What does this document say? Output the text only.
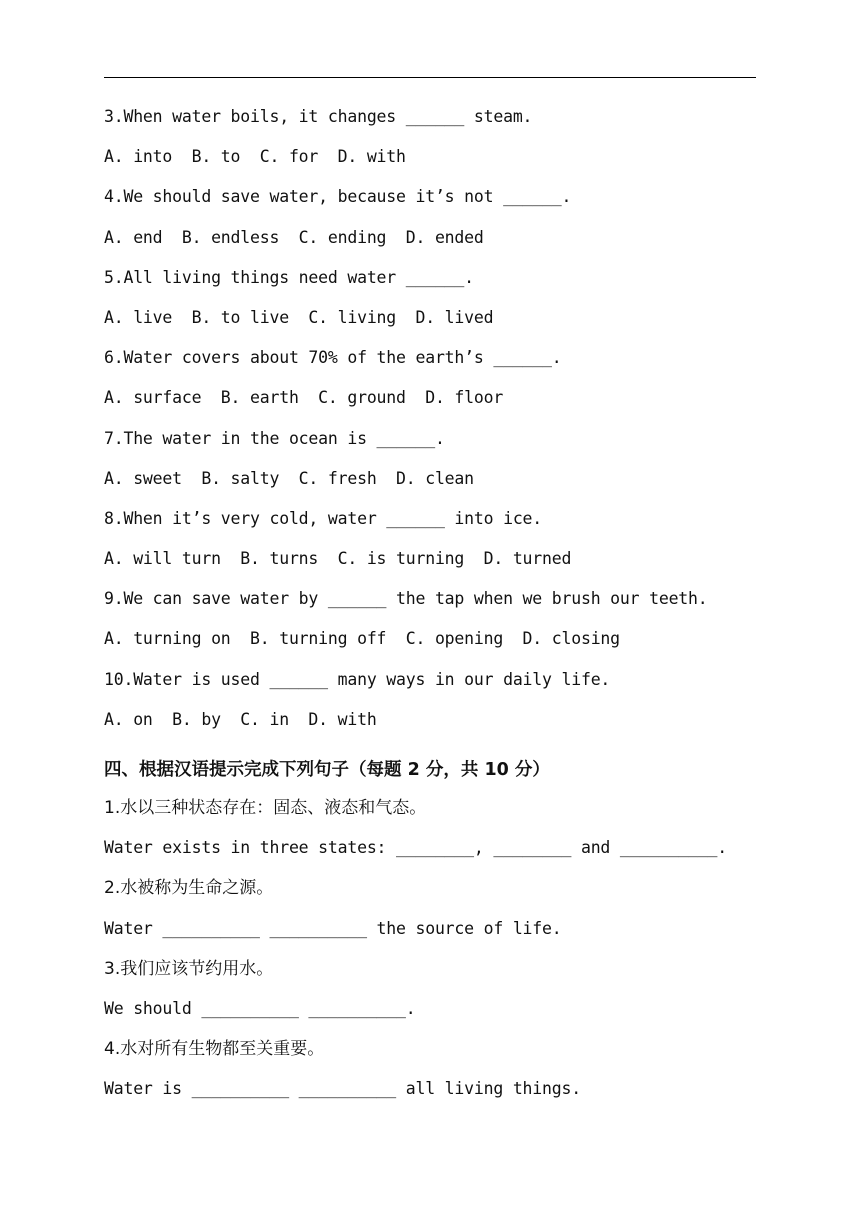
3.When water boils, it changes ______ steam.
A. into  B. to  C. for  D. with
4.We should save water, because it’s not ______.
A. end  B. endless  C. ending  D. ended
5.All living things need water ______.
A. live  B. to live  C. living  D. lived
6.Water covers about 70% of the earth’s ______.
A. surface  B. earth  C. ground  D. floor
7.The water in the ocean is ______.
A. sweet  B. salty  C. fresh  D. clean
8.When it’s very cold, water ______ into ice.
A. will turn  B. turns  C. is turning  D. turned
9.We can save water by ______ the tap when we brush our teeth.
A. turning on  B. turning off  C. opening  D. closing
10.Water is used ______ many ways in our daily life.
A. on  B. by  C. in  D. with
四、根据汉语提示完成下列句子（每题 2 分，共 10 分）
1.水以三种状态存在：固态、液态和气态。
Water exists in three states: ________, ________ and __________.
2.水被称为生命之源。
Water __________ __________ the source of life.
3.我们应该节约用水。
We should __________ __________.
4.水对所有生物都至关重要。
Water is __________ __________ all living things.
